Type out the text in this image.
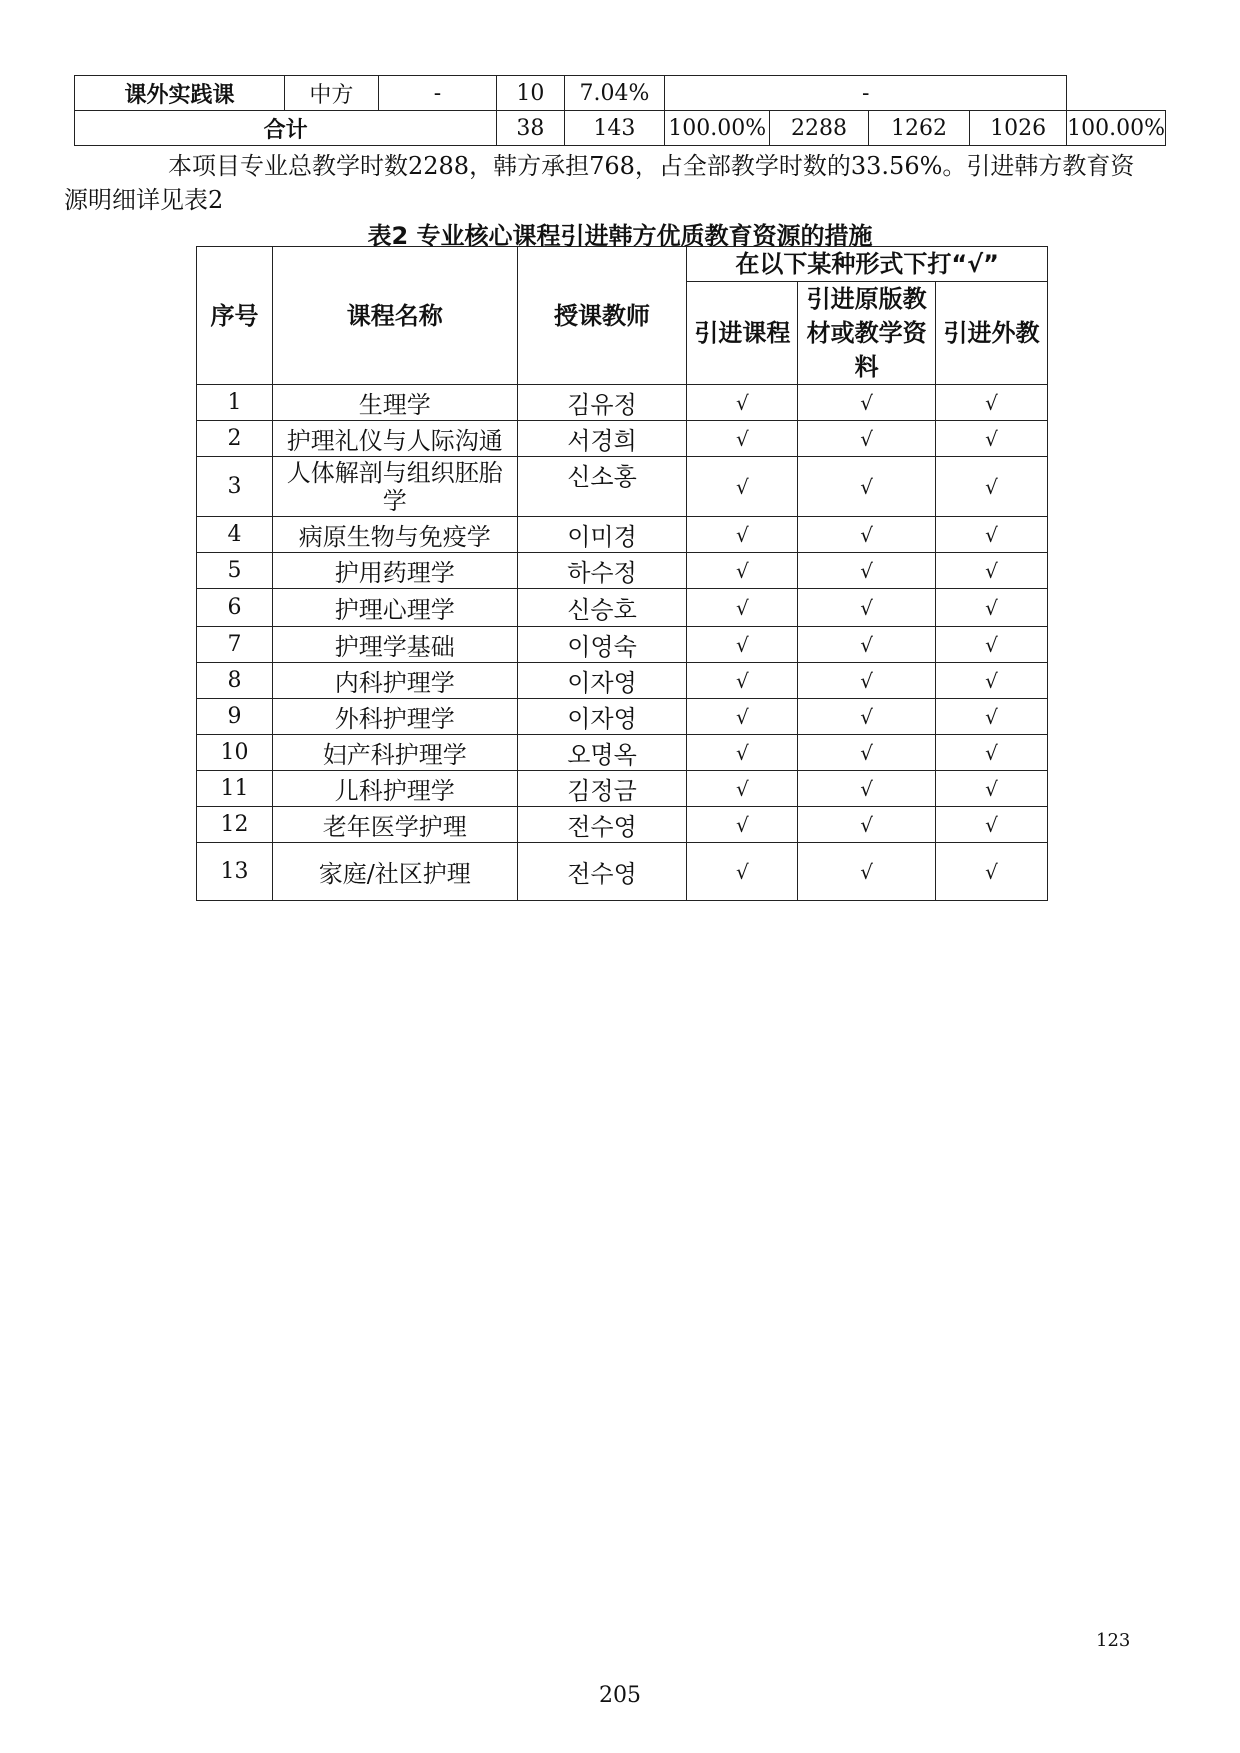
课外实践课	中方	-	10	7.04%	-				
合计			38	143	100.00%	2288	1262	1026	100.00%

本项目专业总教学时数2288，韩方承担768，占全部教学时数的33.56%。引进韩方教育资
源明细详见表2

表2 专业核心课程引进韩方优质教育资源的措施

序号	课程名称	授课教师	在以下某种形式下打“√”		
			引进课程	引进原版教
材或教学资
料	引进外教
1	生理学	김유정	√	√	√
2	护理礼仪与人际沟通	서경희	√	√	√
3	人体解剖与组织胚胎
学	신소홍	√	√	√
4	病原生物与免疫学	이미경	√	√	√
5	护用药理学	하수정	√	√	√
6	护理心理学	신승호	√	√	√
7	护理学基础	이영숙	√	√	√
8	内科护理学	이자영	√	√	√
9	外科护理学	이자영	√	√	√
10	妇产科护理学	오명옥	√	√	√
11	儿科护理学	김정금	√	√	√
12	老年医学护理	전수영	√	√	√
13	家庭/社区护理	전수영	√	√	√
123
205
